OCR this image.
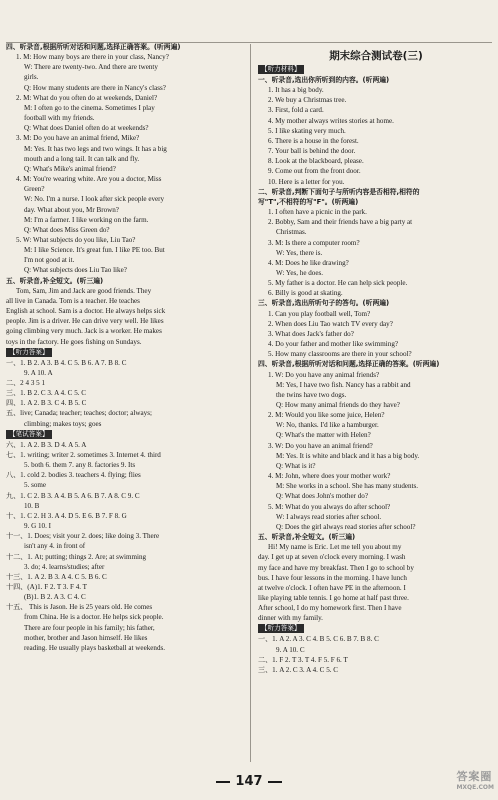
期末综合测试卷(三)
四、听录音,根据所听对话和问题,选择正确答案。(听两遍)
1. M: How many boys are there in your class, Nancy?
W: There are twenty-two. And there are twenty
girls.
Q: How many students are there in Nancy's class?
2. M: What do you often do at weekends, Daniel?
M: I often go to the cinema. Sometimes I play
football with my friends.
Q: What does Daniel often do at weekends?
3. M: Do you have an animal friend, Mike?
M: Yes. It has two legs and two wings. It has a big
mouth and a long tail. It can talk and fly.
Q: What's Mike's animal friend?
4. M: You're wearing white. Are you a doctor, Miss
Green?
W: No. I'm a nurse. I look after sick people every
day. What about you, Mr Brown?
M: I'm a farmer. I like working on the farm.
Q: What does Miss Green do?
5. W: What subjects do you like, Liu Tao?
M: I like Science. It's great fun. I like PE too. But
I'm not good at it.
Q: What subjects does Liu Tao like?
五、听录音,补全短文。(听三遍)
Tom, Sam, Jim and Jack are good friends. They
all live in Canada. Tom is a teacher. He teaches
English at school. Sam is a doctor. He always helps sick
people. Jim is a driver. He can drive very well. He likes
going climbing very much. Jack is a worker. He makes
toys in the factory. He goes fishing on Sundays.
【听力答案】
一、1. B 2. A 3. B 4. C 5. B 6. A 7. B 8. C
9. A 10. A
二、2 4 3 5 1
三、1. B 2. C 3. A 4. C 5. C
四、1. A 2. B 3. C 4. B 5. C
五、live; Canada; teacher; teaches; doctor; always;
climbing; makes toys; goes
【笔试答案】
六、1. A 2. B 3. D 4. A 5. A
七、1. writing; writer 2. sometimes 3. Internet 4. third
5. both 6. them 7. any 8. factories 9. Its
八、1. cold 2. bodies 3. teachers 4. flying; flies
5. some
九、1. C 2. B 3. A 4. B 5. A 6. B 7. A 8. C 9. C
10. B
十、1. C 2. H 3. A 4. D 5. E 6. B 7. F 8. G
9. G 10. I
十一、1. Does; visit your 2. does; like doing 3. There
isn't any 4. in front of
十二、1. At; putting; things 2. Are; at swimming
3. do; 4. learns/studies; after
十三、1. A 2. B 3. A 4. C 5. B 6. C
十四、(A)1. F 2. T 3. F 4. T
(B)1. B 2. A 3. C 4. C
十五、 This is Jason. He is 25 years old. He comes
from China. He is a doctor. He helps sick people.
There are four people in his family; his father,
mother, brother and Jason himself. He likes
reading. He usually plays basketball at weekends.
【听力材料】
一、听录音,选出你所听到的内容。(听两遍)
1. It has a big body.
2. We buy a Christmas tree.
3. First, fold a card.
4. My mother always writes stories at home.
5. I like skating very much.
6. There is a house in the forest.
7. Your ball is behind the door.
8. Look at the blackboard, please.
9. Come out from the front door.
10. Here is a letter for you.
二、听录音,判断下面句子与所听内容是否相符,相符的
写"T",不相符的写"F"。(听两遍)
1. I often have a picnic in the park.
2. Bobby, Sam and their friends have a big party at
Christmas.
3. M: Is there a computer room?
W: Yes, there is.
4. M: Does he like drawing?
W: Yes, he does.
5. My father is a doctor. He can help sick people.
6. Billy is good at skating.
三、听录音,选出所听句子的答句。(听两遍)
1. Can you play football well, Tom?
2. When does Liu Tao watch TV every day?
3. What does Jack's father do?
4. Do your father and mother like swimming?
5. How many classrooms are there in your school?
四、听录音,根据所听对话和问题,选择正确的答案。(听两遍)
1. W: Do you have any animal friends?
M: Yes, I have two fish. Nancy has a rabbit and
the twins have two dogs.
Q: How many animal friends do they have?
2. M: Would you like some juice, Helen?
W: No, thanks. I'd like a hamburger.
Q: What's the matter with Helen?
3. W: Do you have an animal friend?
M: Yes. It is white and black and it has a big body.
Q: What is it?
4. M: John, where does your mother work?
M: She works in a school. She has many students.
Q: What does John's mother do?
5. M: What do you always do after school?
W: I always read stories after school.
Q: Does the girl always read stories after school?
五、听录音,补全短文。(听三遍)
Hi! My name is Eric. Let me tell you about my
day. I get up at seven o'clock every morning. I wash
my face and have my breakfast. Then I go to school by
bus. I have four lessons in the morning. I have lunch
at twelve o'clock. I often have PE in the afternoon. I
like playing table tennis. I go home at half past three.
After school, I do my homework first. Then I have
dinner with my family.
【听力答案】
一、1. A 2. A 3. C 4. B 5. C 6. B 7. B 8. C
9. A 10. C
二、1. F 2. T 3. T 4. F 5. F 6. T
三、1. A 2. C 3. A 4. C 5. C
147	答案圈
MXQE.COM
